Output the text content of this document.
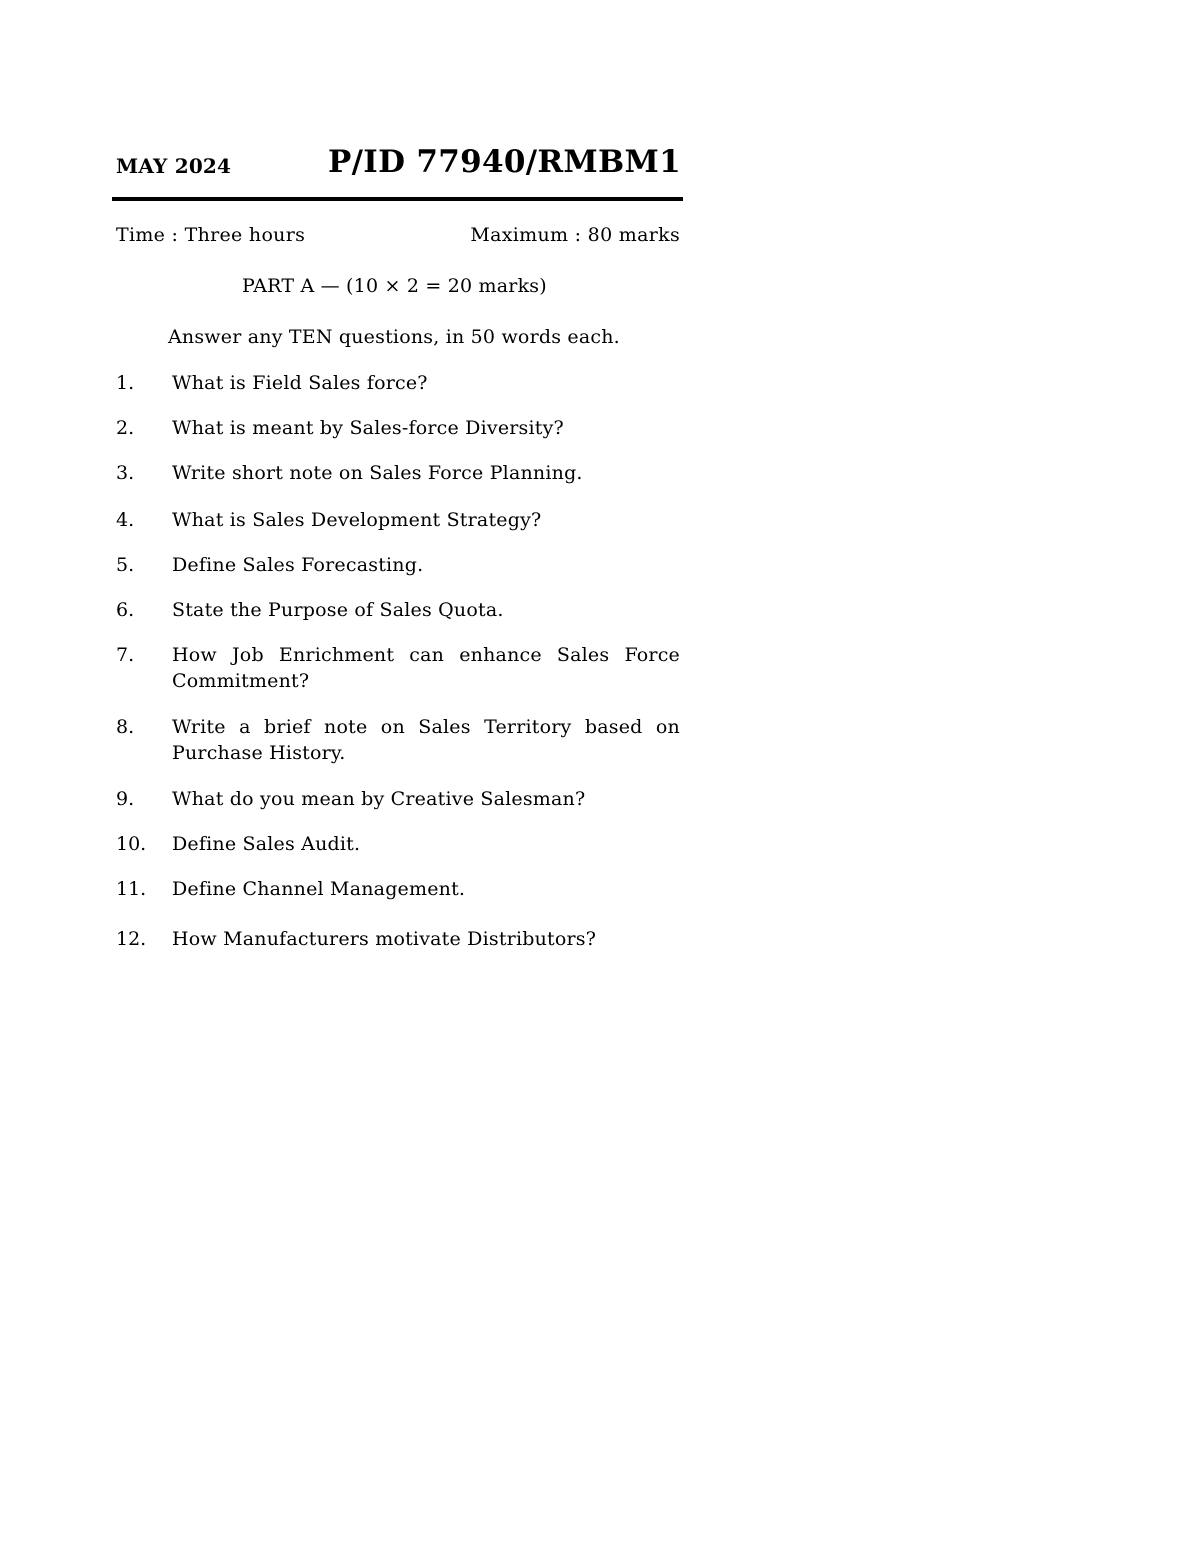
MAY 2024	P/ID 77940/RMBM1
Time : Three hours	Maximum : 80 marks
PART A — (10 × 2 = 20 marks)
Answer any TEN questions, in 50 words each.
1.	What is Field Sales force?
2.	What is meant by Sales-force Diversity?
3.	Write short note on Sales Force Planning.
4.	What is Sales Development Strategy?
5.	Define Sales Forecasting.
6.	State the Purpose of Sales Quota.
7.	How Job Enrichment can enhance Sales Force Commitment?
8.	Write a brief note on Sales Territory based on Purchase History.
9.	What do you mean by Creative Salesman?
10.	Define Sales Audit.
11.	Define Channel Management.
12.	How Manufacturers motivate Distributors?
